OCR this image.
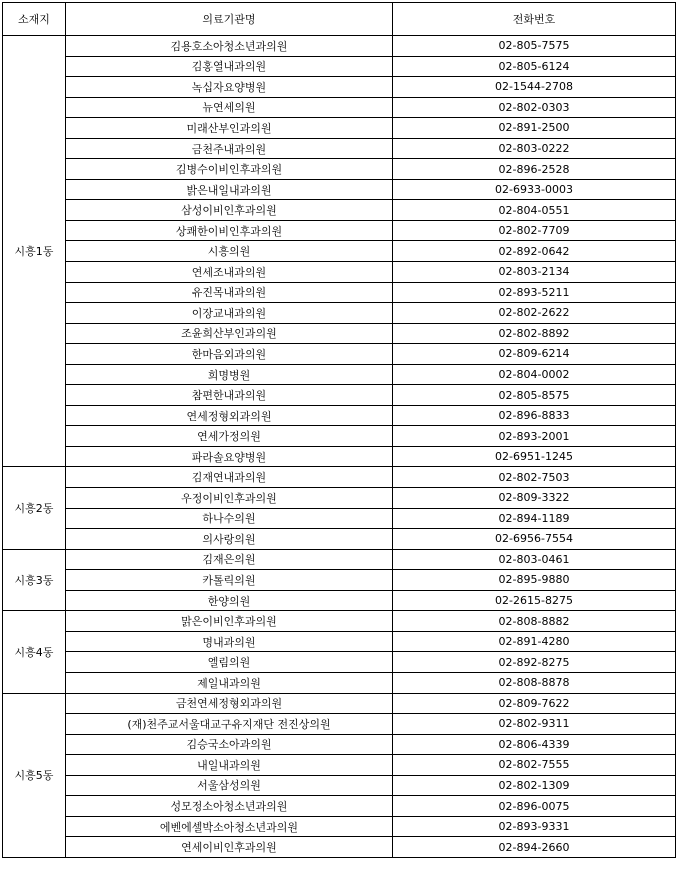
소재지	의료기관명	전화번호
시흥1동	김용호소아청소년과의원	02-805-7575
	김홍열내과의원	02-805-6124
	녹십자요양병원	02-1544-2708
	뉴연세의원	02-802-0303
	미래산부인과의원	02-891-2500
	금천주내과의원	02-803-0222
	김병수이비인후과의원	02-896-2528
	밝은내일내과의원	02-6933-0003
	삼성이비인후과의원	02-804-0551
	상쾌한이비인후과의원	02-802-7709
	시흥의원	02-892-0642
	연세조내과의원	02-803-2134
	유진목내과의원	02-893-5211
	이장교내과의원	02-802-2622
	조윤희산부인과의원	02-802-8892
	한마음외과의원	02-809-6214
	희명병원	02-804-0002
	참편한내과의원	02-805-8575
	연세정형외과의원	02-896-8833
	연세가정의원	02-893-2001
	파라솔요양병원	02-6951-1245
시흥2동	김재연내과의원	02-802-7503
	우정이비인후과의원	02-809-3322
	하나수의원	02-894-1189
	의사랑의원	02-6956-7554
시흥3동	김재은의원	02-803-0461
	카톨릭의원	02-895-9880
	한양의원	02-2615-8275
시흥4동	맑은이비인후과의원	02-808-8882
	명내과의원	02-891-4280
	엘림의원	02-892-8275
	제일내과의원	02-808-8878
시흥5동	금천연세정형외과의원	02-809-7622
	(재)천주교서울대교구유지재단 전진상의원	02-802-9311
	김승국소아과의원	02-806-4339
	내일내과의원	02-802-7555
	서울삼성의원	02-802-1309
	성모정소아청소년과의원	02-896-0075
	에벤에셀박소아청소년과의원	02-893-9331
	연세이비인후과의원	02-894-2660
